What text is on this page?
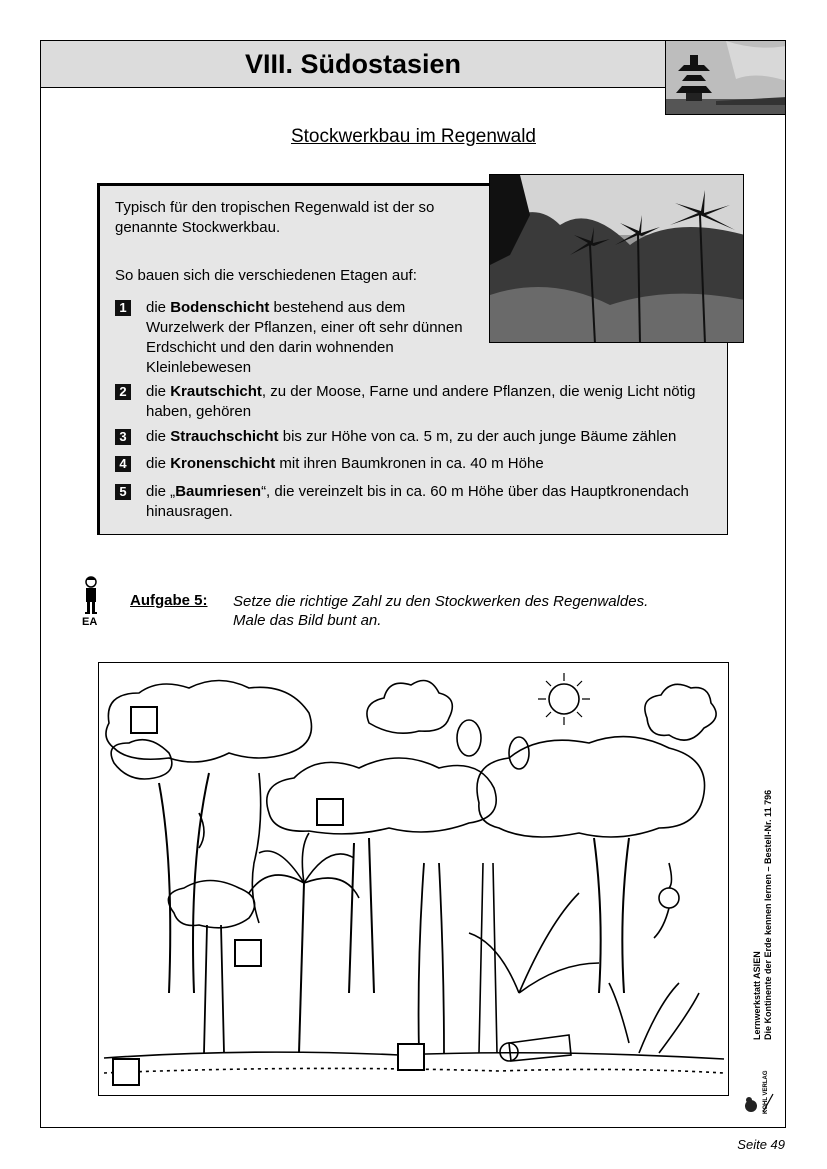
VIII. Südostasien
Stockwerkbau im Regenwald
Typisch für den tropischen Regenwald ist der so genannte Stockwerkbau.
So bauen sich die verschiedenen Etagen auf:
1 die Bodenschicht bestehend aus dem Wurzelwerk der Pflanzen, einer oft sehr dünnen Erdschicht und den darin wohnenden Kleinlebewesen
2 die Krautschicht, zu der Moose, Farne und andere Pflanzen, die wenig Licht nötig haben, gehören
3 die Strauchschicht bis zur Höhe von ca. 5 m, zu der auch junge Bäume zählen
4 die Kronenschicht mit ihren Baumkronen in ca. 40 m Höhe
5 die „Baumriesen“, die vereinzelt bis in ca. 60 m Höhe über das Hauptkronendach hinausragen.
EA
Aufgabe 5: Setze die richtige Zahl zu den Stockwerken des Regenwaldes.
Male das Bild bunt an.
Lernwerkstatt ASIEN Die Kontinente der Erde kennen lernen – Bestell-Nr. 11 796
KOHL VERLAG
Seite 49
